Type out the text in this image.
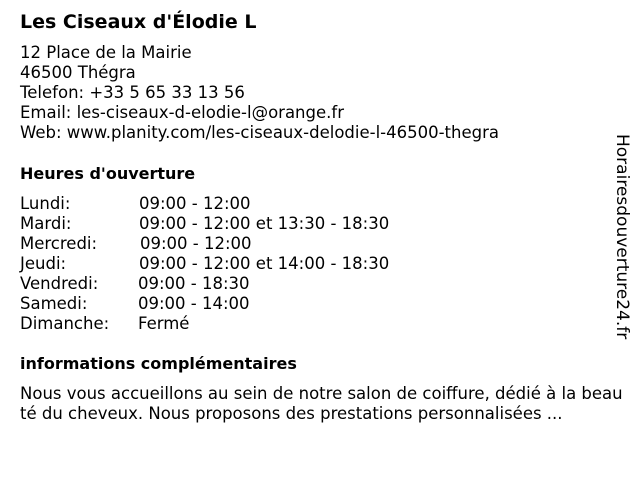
Les Ciseaux d'Élodie L
12 Place de la Mairie
46500 Thégra
Telefon: +33 5 65 33 13 56
Email: les-ciseaux-d-elodie-l@orange.fr
Web: www.planity.com/les-ciseaux-delodie-l-46500-thegra
Heures d'ouverture
Lundi:	09:00 - 12:00
Mardi:	09:00 - 12:00 et 13:30 - 18:30
Mercredi:	09:00 - 12:00
Jeudi:	09:00 - 12:00 et 14:00 - 18:30
Vendredi: 09:00 - 18:30
Samedi:	09:00 - 14:00
Dimanche: Fermé
informations complémentaires
Nous vous accueillons au sein de notre salon de coiffure, dédié à la beauté du cheveux. Nous proposons des prestations personnalisées ...
Horairesdouverture24.fr
